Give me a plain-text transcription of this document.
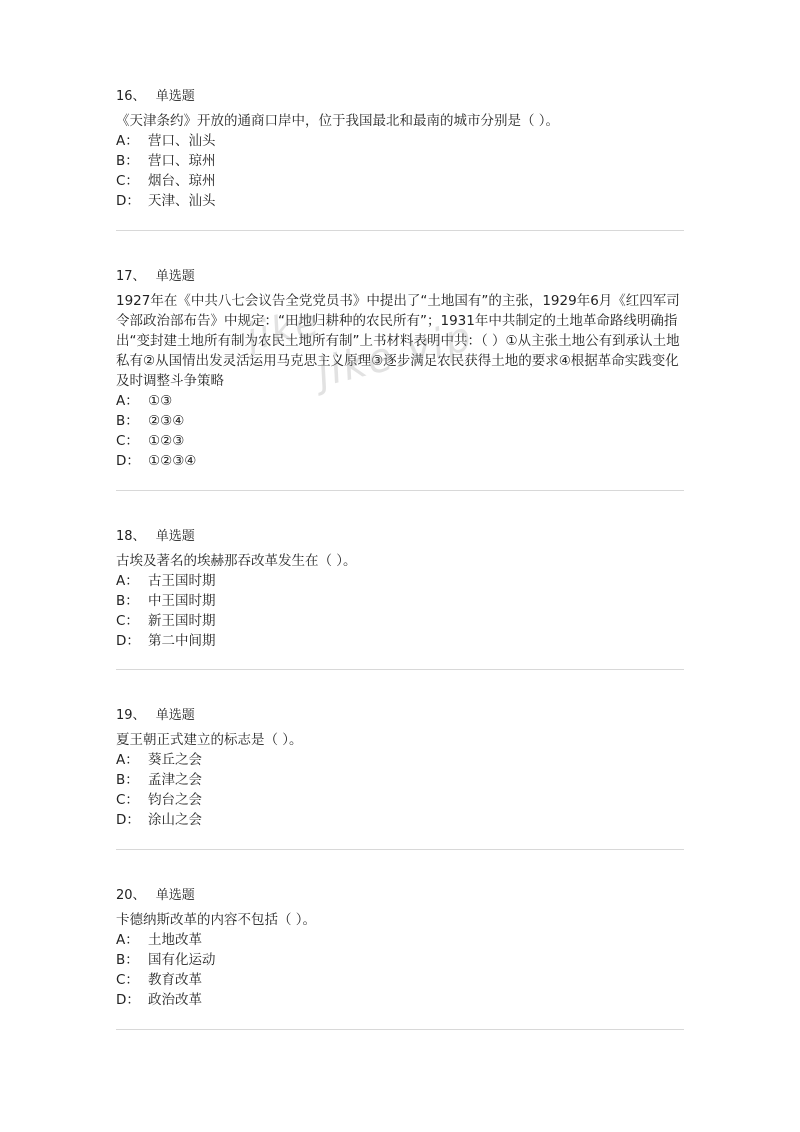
16、 单选题
《天津条约》开放的通商口岸中，位于我国最北和最南的城市分别是（ ）。
A： 营口、汕头
B： 营口、琼州
C： 烟台、琼州
D： 天津、汕头
17、 单选题
1927年在《中共八七会议告全党党员书》中提出了“土地国有”的主张，1929年6月《红四军司令部政治部布告》中规定：“田地归耕种的农民所有”；1931年中共制定的土地革命路线明确指出“变封建土地所有制为农民土地所有制”上书材料表明中共：（ ）①从主张土地公有到承认土地私有②从国情出发灵活运用马克思主义原理③逐步满足农民获得土地的要求④根据革命实践变化及时调整斗争策略
A： ①③
B： ②③④
C： ①②③
D： ①②③④
18、 单选题
古埃及著名的埃赫那吞改革发生在（ ）。
A： 古王国时期
B： 中王国时期
C： 新王国时期
D： 第二中间期
19、 单选题
夏王朝正式建立的标志是（ ）。
A： 葵丘之会
B： 孟津之会
C： 钧台之会
D： 涂山之会
20、 单选题
卡德纳斯改革的内容不包括（ ）。
A： 土地改革
B： 国有化运动
C： 教育改革
D： 政治改革
jike
jike.vip
